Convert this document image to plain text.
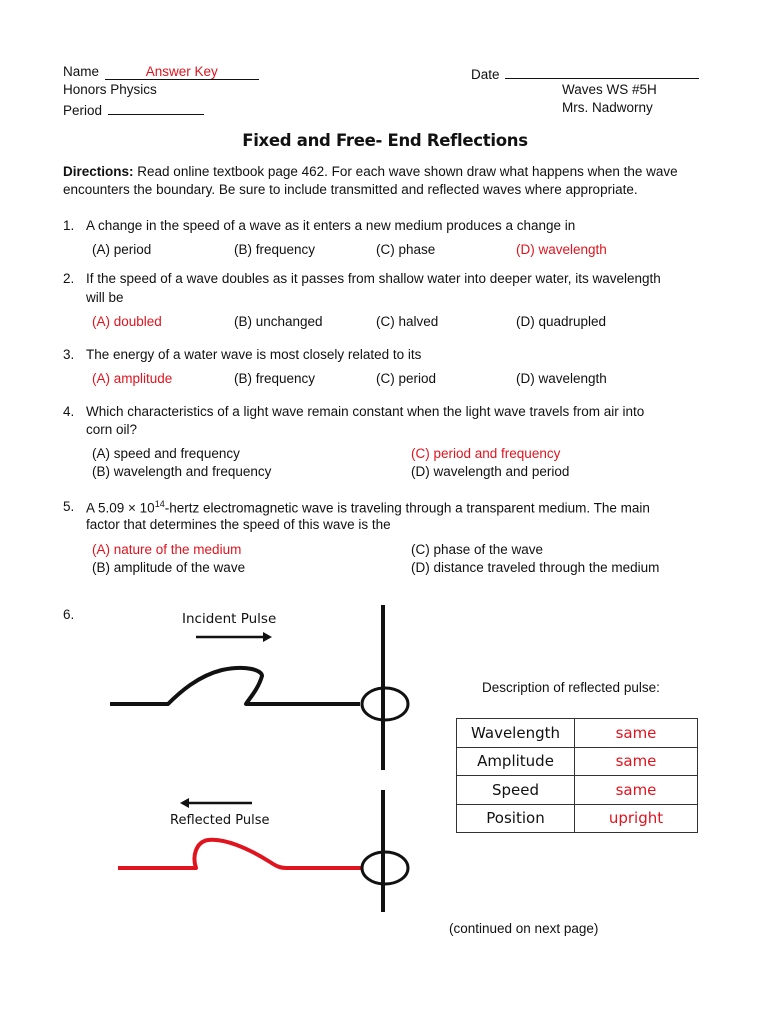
Name	Answer Key
Honors Physics
Period
Date
Waves WS #5H
Mrs. Nadworny
Fixed and Free- End Reflections
Directions: Read online textbook page 462. For each wave shown draw what happens when the wave
encounters the boundary. Be sure to include transmitted and reflected waves where appropriate.
1. A change in the speed of a wave as it enters a new medium produces a change in
(A) period	(B) frequency	(C) phase	(D) wavelength
2. If the speed of a wave doubles as it passes from shallow water into deeper water, its wavelength
will be
(A) doubled	(B) unchanged	(C) halved	(D) quadrupled
3. The energy of a water wave is most closely related to its
(A) amplitude	(B) frequency	(C) period	(D) wavelength
4. Which characteristics of a light wave remain constant when the light wave travels from air into
corn oil?
(A) speed and frequency
(B) wavelength and frequency
(C) period and frequency
(D) wavelength and period
5. A $5.09 \times 10^{14}$-hertz electromagnetic wave is traveling through a transparent medium. The main
factor that determines the speed of this wave is the
(A) nature of the medium
(B) amplitude of the wave
(C) phase of the wave
(D) distance traveled through the medium
6.	Incident Pulse
Reflected Pulse
Description of reflected pulse:
Wavelength	same
Amplitude	same
Speed	same
Position	upright
(continued on next page)
